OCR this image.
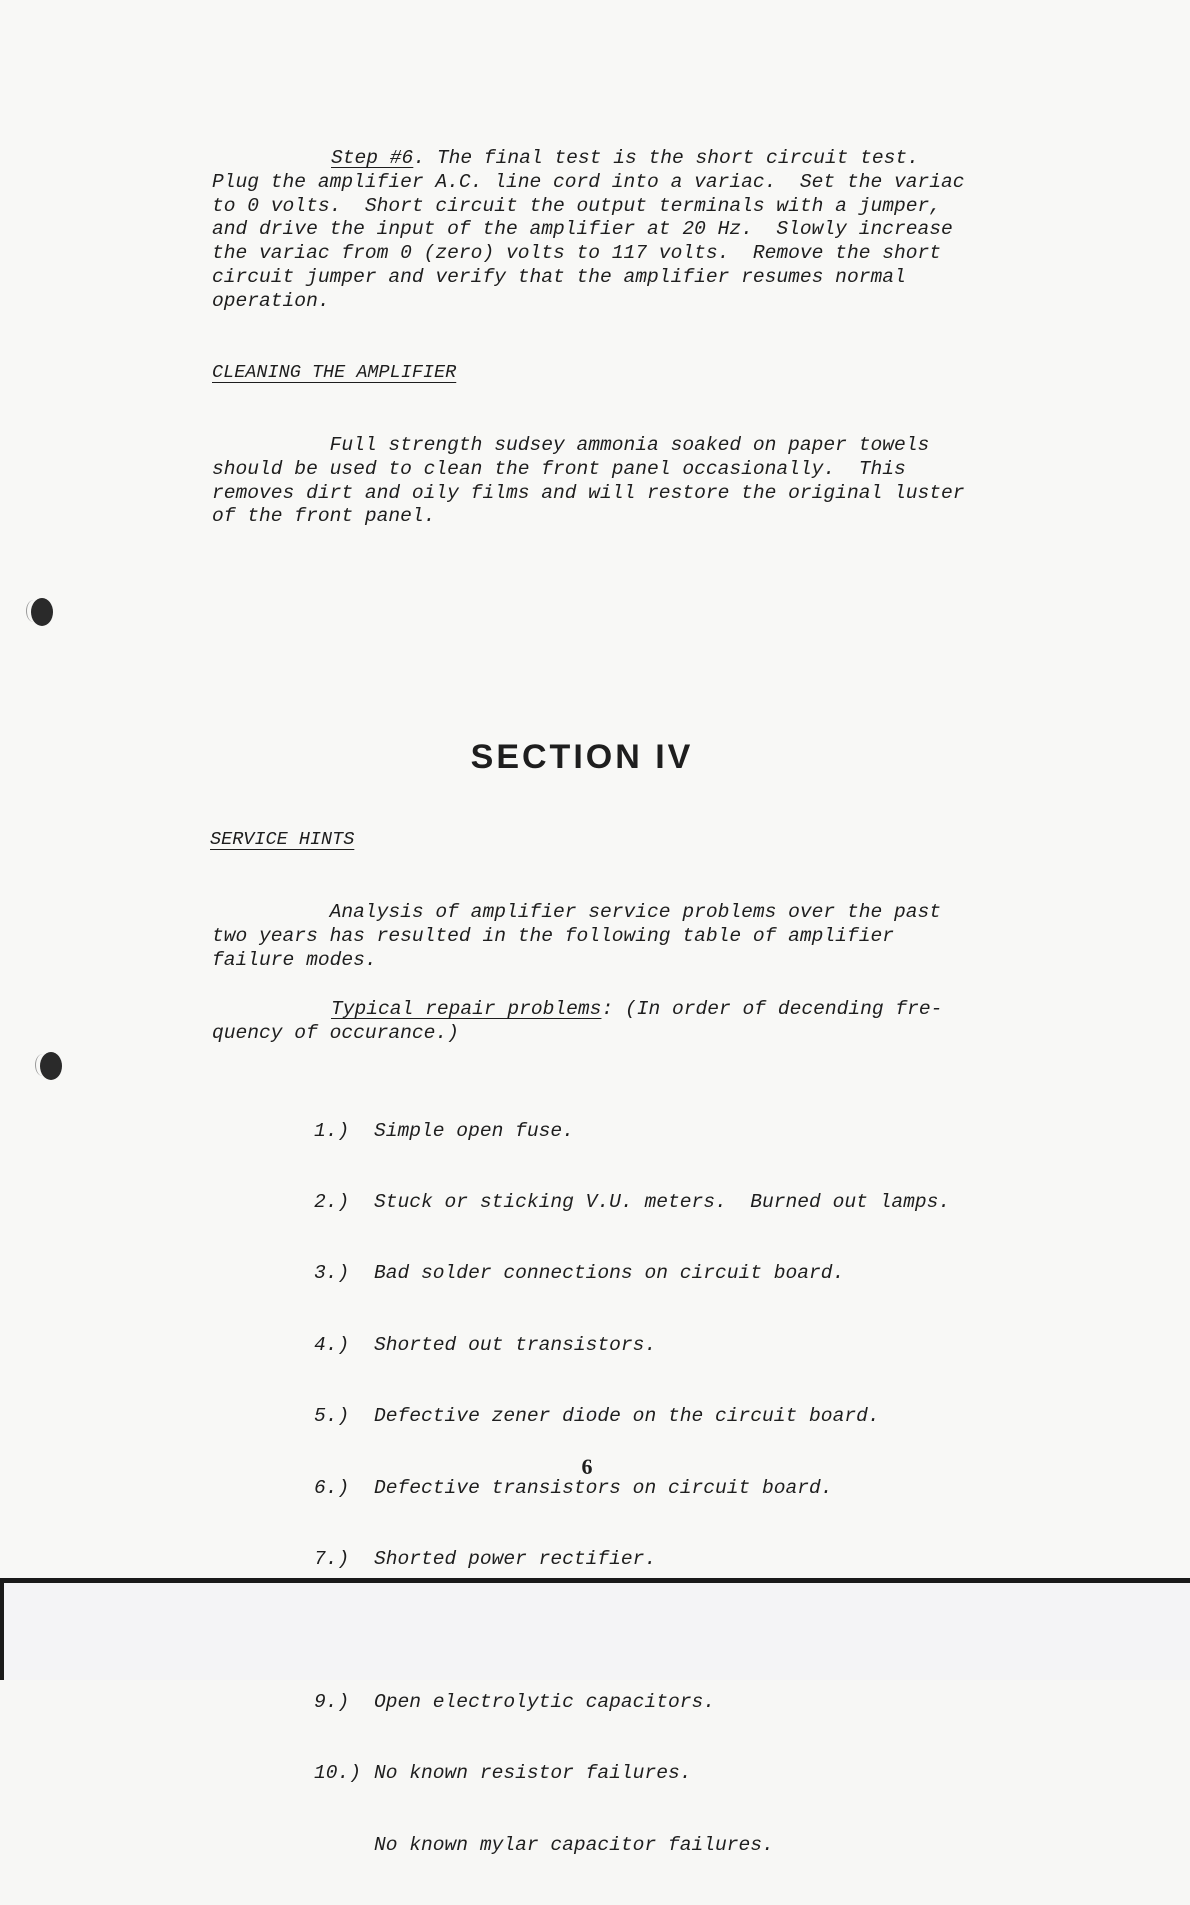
Step #6. The final test is the short circuit test.
Plug the amplifier A.C. line cord into a variac.  Set the variac
to 0 volts.  Short circuit the output terminals with a jumper,
and drive the input of the amplifier at 20 Hz.  Slowly increase
the variac from 0 (zero) volts to 117 volts.  Remove the short
circuit jumper and verify that the amplifier resumes normal
operation.
CLEANING THE AMPLIFIER
Full strength sudsey ammonia soaked on paper towels
should be used to clean the front panel occasionally.  This
removes dirt and oily films and will restore the original luster
of the front panel.
SECTION IV
SERVICE HINTS
Analysis of amplifier service problems over the past
two years has resulted in the following table of amplifier
failure modes.
Typical repair problems: (In order of decending fre-
quency of occurance.)

1.)	Simple open fuse.

2.)	Stuck or sticking V.U. meters.  Burned out lamps.

3.)	Bad solder connections on circuit board.

4.)	Shorted out transistors.

5.)	Defective zener diode on the circuit board.

6.)	Defective transistors on circuit board.

7.)	Shorted power rectifier.

9.)	Open electrolytic capacitors.

10.) No known resistor failures.

No known mylar capacitor failures.

6
